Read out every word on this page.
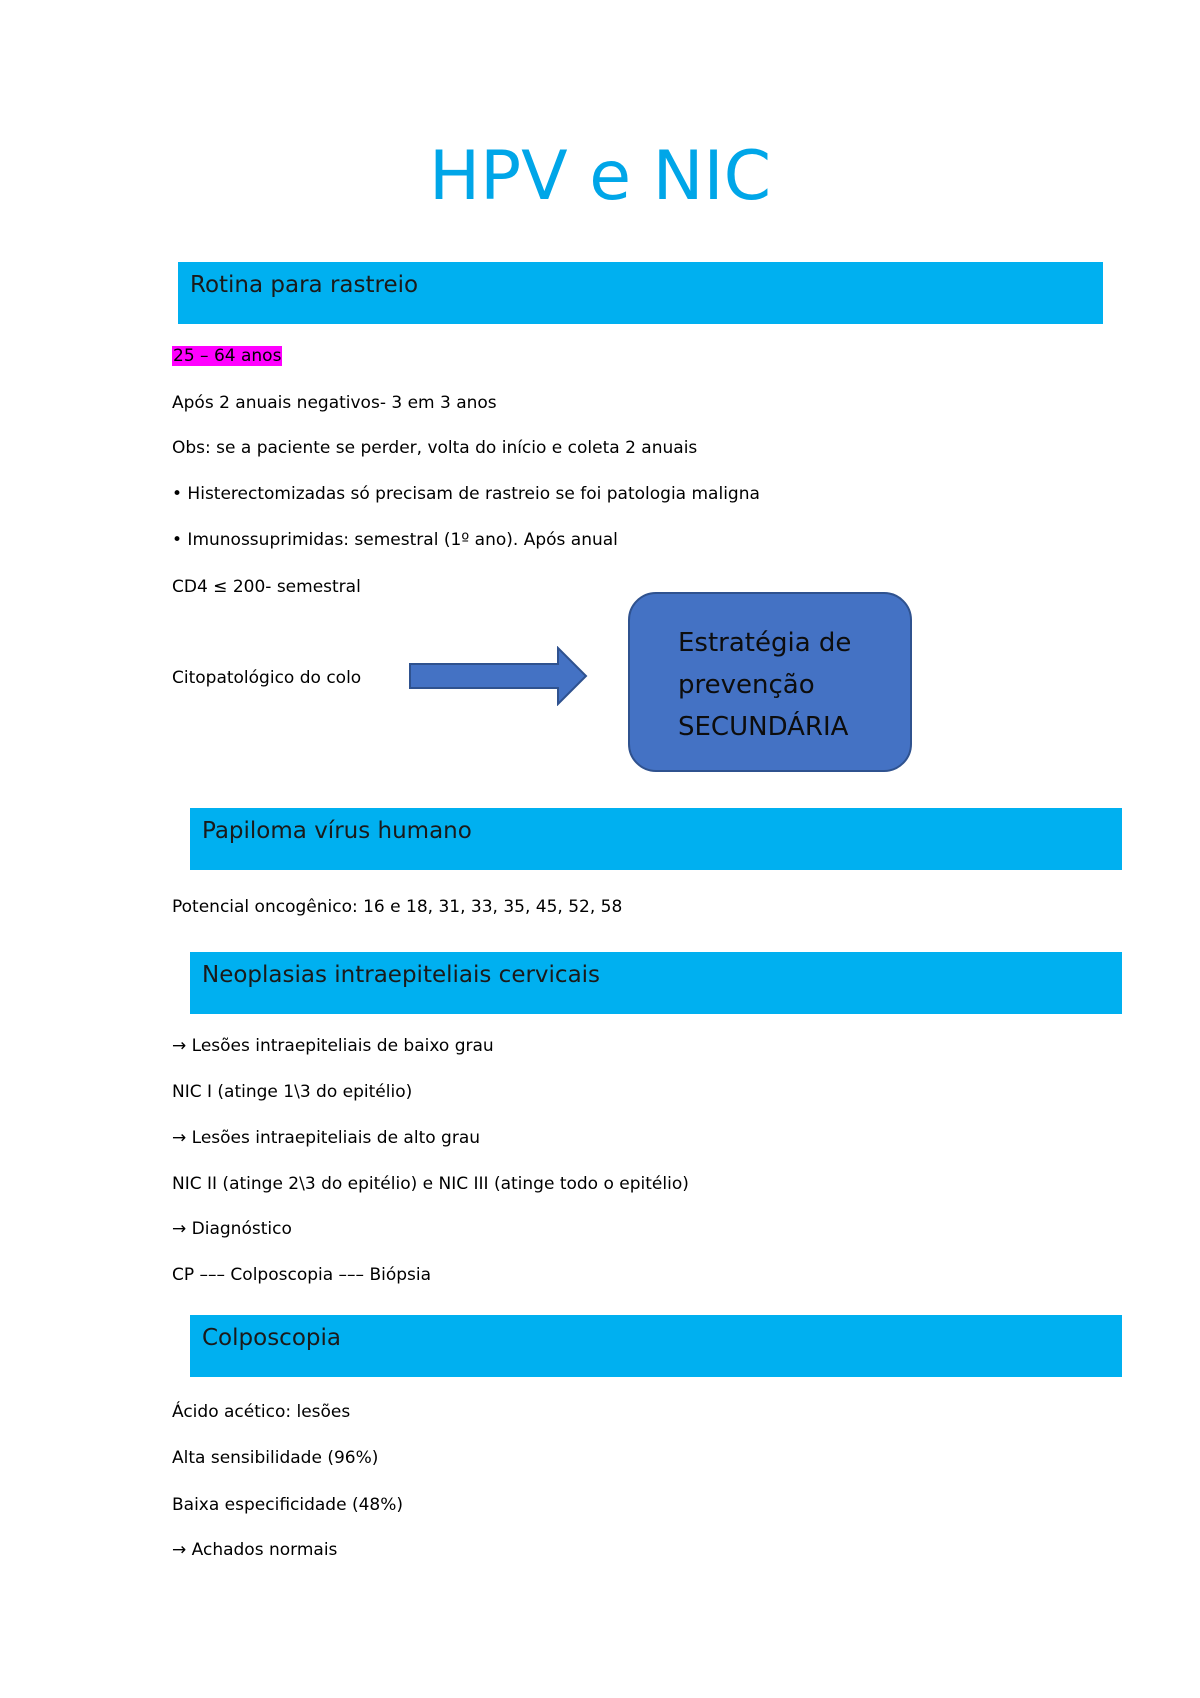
HPV e NIC
Rotina para rastreio
25 – 64 anos
Após 2 anuais negativos- 3 em 3 anos
Obs: se a paciente se perder, volta do início e coleta 2 anuais
• Histerectomizadas só precisam de rastreio se foi patologia maligna
• Imunossuprimidas: semestral (1º ano). Após anual
CD4 ≤ 200- semestral
Citopatológico do colo
Estratégia de
prevenção
SECUNDÁRIA
Papiloma vírus humano
Potencial oncogênico: 16 e 18, 31, 33, 35, 45, 52, 58
Neoplasias intraepiteliais cervicais
→ Lesões intraepiteliais de baixo grau
NIC I (atinge 1\3 do epitélio)
→ Lesões intraepiteliais de alto grau
NIC II (atinge 2\3 do epitélio) e NIC III (atinge todo o epitélio)
→ Diagnóstico
CP ––– Colposcopia ––– Biópsia
Colposcopia
Ácido acético: lesões
Alta sensibilidade (96%)
Baixa especificidade (48%)
→ Achados normais
